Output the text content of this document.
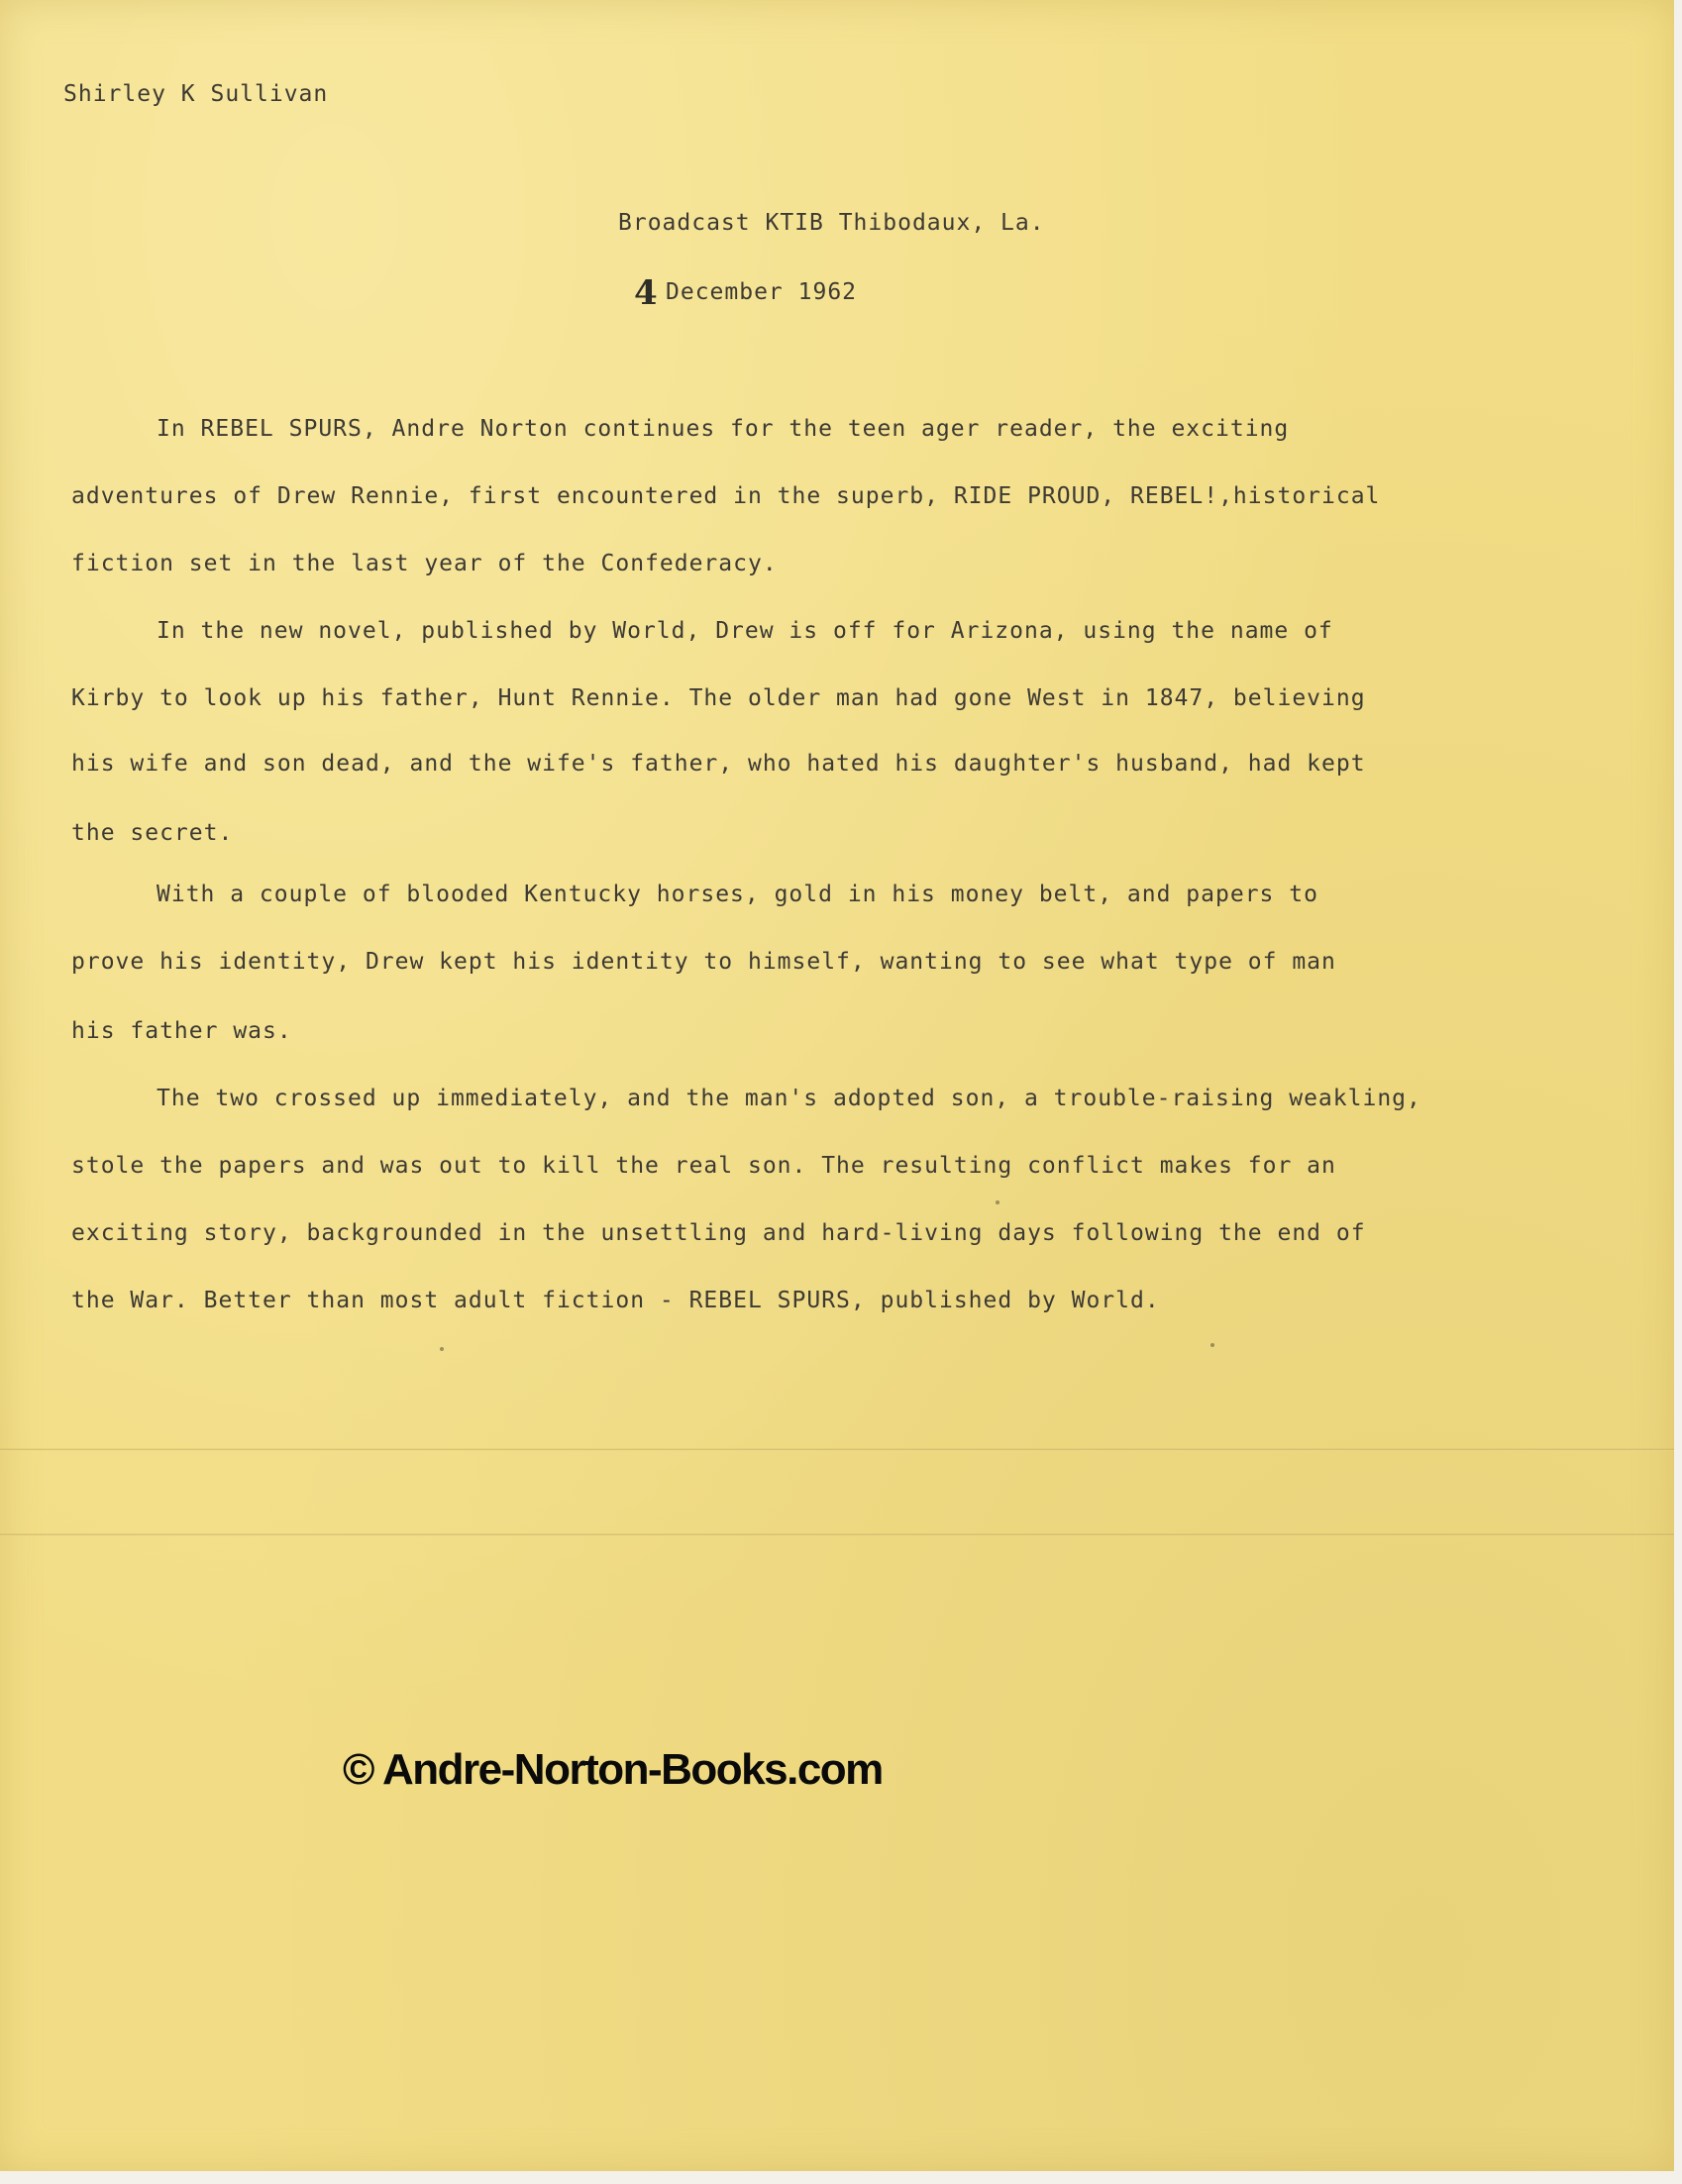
Shirley K Sullivan
Broadcast KTIB Thibodaux, La.
4 December 1962
In REBEL SPURS, Andre Norton continues for the teen ager reader, the exciting
adventures of Drew Rennie, first encountered in the superb, RIDE PROUD, REBEL!,historical
fiction set in the last year of the Confederacy.
In the new novel, published by World, Drew is off for Arizona, using the name of
Kirby to look up his father, Hunt Rennie. The older man had gone West in 1847, believing
his wife and son dead, and the wife's father, who hated his daughter's husband, had kept
the secret.
With a couple of blooded Kentucky horses, gold in his money belt, and papers to
prove his identity, Drew kept his identity to himself, wanting to see what type of man
his father was.
The two crossed up immediately, and the man's adopted son, a trouble-raising weakling,
stole the papers and was out to kill the real son. The resulting conflict makes for an
exciting story, backgrounded in the unsettling and hard-living days following the end of
the War. Better than most adult fiction - REBEL SPURS, published by World.
© Andre-Norton-Books.com
